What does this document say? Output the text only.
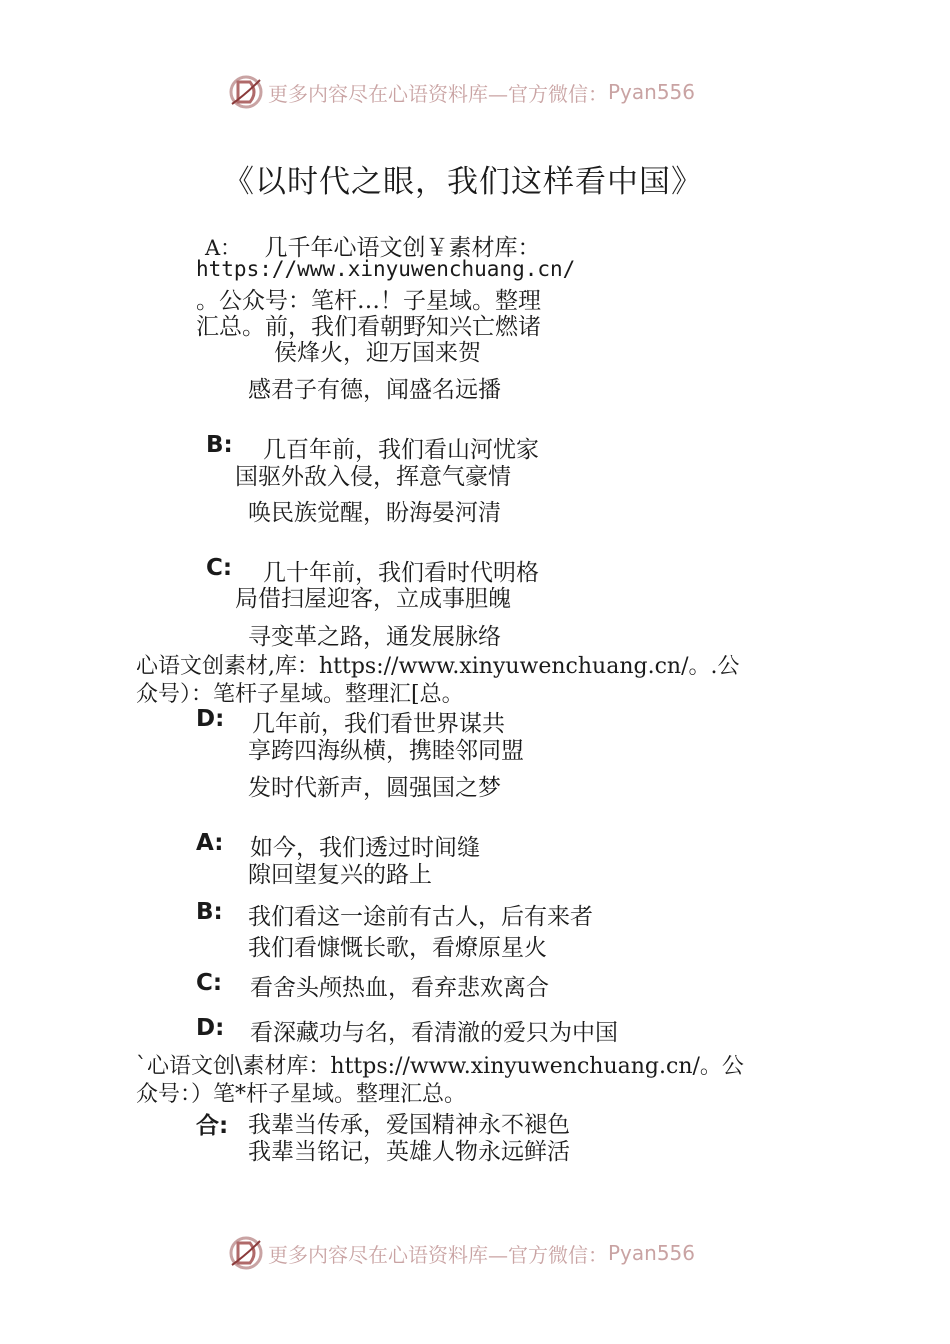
更多内容尽在心语资料库—官方微信： Pyan556
《以时代之眼，我们这样看中国》
A： 几千年心语文创￥素材库：
https://www.xinyuwenchuang.cn/
。公众号：笔杆…！子星域。整理
汇总。前，我们看朝野知兴亡燃诸
侯烽火，迎万国来贺
感君子有德，闻盛名远播
B: 几百年前，我们看山河忧家
国驱外敌入侵，挥意气豪情
唤民族觉醒，盼海晏河清
C: 几十年前，我们看时代明格
局借扫屋迎客，立成事胆魄
寻变革之路，通发展脉络
心语文创素材,库：https://www.xinyuwenchuang.cn/。.公
众号）：笔杆子星域。整理汇[总。
D: 几年前，我们看世界谋共
享跨四海纵横，携睦邻同盟
发时代新声，圆强国之梦
A: 如今，我们透过时间缝
隙回望复兴的路上
B: 我们看这一途前有古人，后有来者
我们看慷慨长歌，看燎原星火
C: 看舍头颅热血，看弃悲欢离合
D: 看深藏功与名，看清澈的爱只为中国
`心语文创\素材库：https://www.xinyuwenchuang.cn/。公
众号：）笔*杆子星域。整理汇总。
合: 我辈当传承，爱国精神永不褪色
我辈当铭记，英雄人物永远鲜活
更多内容尽在心语资料库—官方微信： Pyan556
